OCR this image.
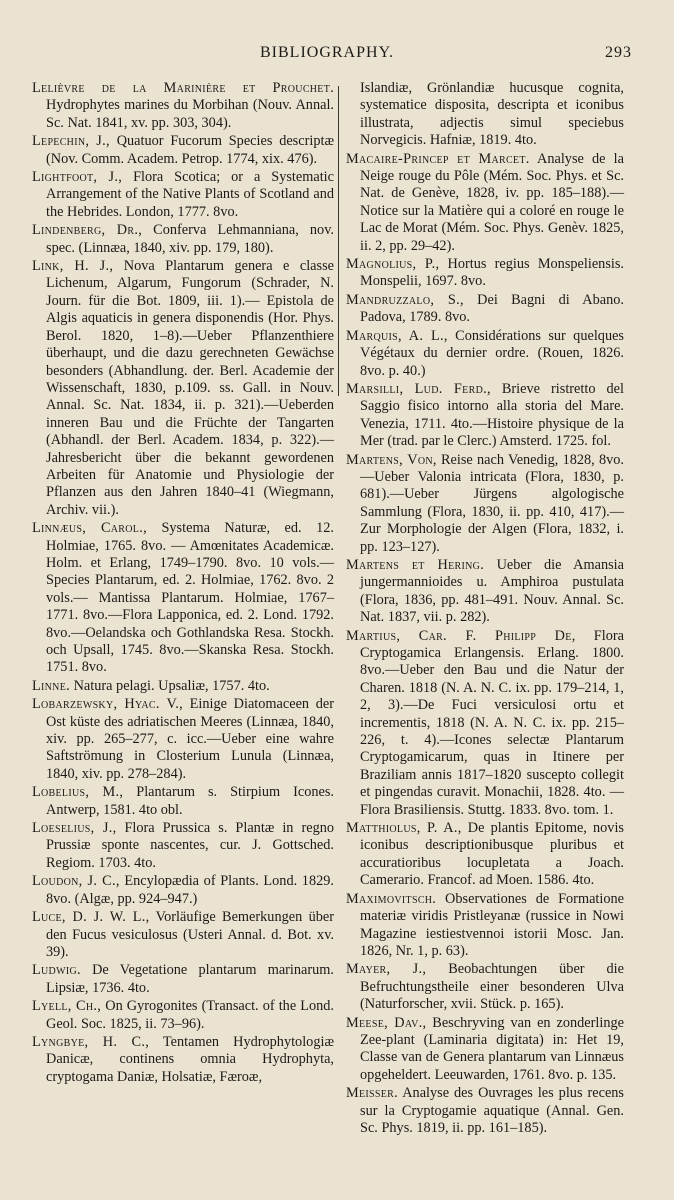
BIBLIOGRAPHY.	293

Lelièvre de la Marinière et Prouchet. Hydrophytes marines du Morbihan (Nouv. Annal. Sc. Nat. 1841, xv. pp. 303, 304).

Lepechin, J., Quatuor Fucorum Species descriptæ (Nov. Comm. Academ. Petrop. 1774, xix. 476).

Lightfoot, J., Flora Scotica; or a Systematic Arrangement of the Native Plants of Scotland and the Hebrides. London, 1777. 8vo.

Lindenberg, Dr., Conferva Lehmanniana, nov. spec. (Linnæa, 1840, xiv. pp. 179, 180).

Link, H. J., Nova Plantarum genera e classe Lichenum, Algarum, Fungorum (Schrader, N. Journ. für die Bot. 1809, iii. 1).— Epistola de Algis aquaticis in genera disponendis (Hor. Phys. Berol. 1820, 1–8).—Ueber Pflanzenthiere überhaupt, und die dazu gerechneten Gewächse besonders (Abhandlung. der. Berl. Academie der Wissenschaft, 1830, p.109. ss. Gall. in Nouv. Annal. Sc. Nat. 1834, ii. p. 321).—Ueberden inneren Bau und die Früchte der Tangarten (Abhandl. der Berl. Academ. 1834, p. 322).—Jahresbericht über die bekannt gewordenen Arbeiten für Anatomie und Physiologie der Pflanzen aus den Jahren 1840–41 (Wiegmann, Archiv. vii.).

Linnæus, Carol., Systema Naturæ, ed. 12. Holmiae, 1765. 8vo. — Amœnitates Academicæ. Holm. et Erlang, 1749–1790. 8vo. 10 vols.—Species Plantarum, ed. 2. Holmiae, 1762. 8vo. 2 vols.— Mantissa Plantarum. Holmiae, 1767–1771. 8vo.—Flora Lapponica, ed. 2. Lond. 1792. 8vo.—Oelandska och Gothlandska Resa. Stockh. och Upsall, 1745. 8vo.—Skanska Resa. Stockh. 1751. 8vo.

Linne. Natura pelagi. Upsaliæ, 1757. 4to.

Lobarzewsky, Hyac. V., Einige Diatomaceen der Ost küste des adriatischen Meeres (Linnæa, 1840, xiv. pp. 265–277, c. icc.—Ueber eine wahre Saftströmung in Closterium Lunula (Linnæa, 1840, xiv. pp. 278–284).

Lobelius, M., Plantarum s. Stirpium Icones. Antwerp, 1581. 4to obl.

Loeselius, J., Flora Prussica s. Plantæ in regno Prussiæ sponte nascentes, cur. J. Gottsched. Regiom. 1703. 4to.

Loudon, J. C., Encylopædia of Plants. Lond. 1829. 8vo. (Algæ, pp. 924–947.)

Luce, D. J. W. L., Vorläufige Bemerkungen über den Fucus vesiculosus (Usteri Annal. d. Bot. xv. 39).

Ludwig. De Vegetatione plantarum marinarum. Lipsiæ, 1736. 4to.

Lyell, Ch., On Gyrogonites (Transact. of the Lond. Geol. Soc. 1825, ii. 73–96).

Lyngbye, H. C., Tentamen Hydrophytologiæ Danicæ, continens omnia Hydrophyta, cryptogama Daniæ, Holsatiæ, Færoæ,

Islandiæ, Grönlandiæ hucusque cognita, systematice disposita, descripta et iconibus illustrata, adjectis simul speciebus Norvegicis. Hafniæ, 1819. 4to.

Macaire-Princep et Marcet. Analyse de la Neige rouge du Pôle (Mém. Soc. Phys. et Sc. Nat. de Genève, 1828, iv. pp. 185–188).—Notice sur la Matière qui a coloré en rouge le Lac de Morat (Mém. Soc. Phys. Genèv. 1825, ii. 2, pp. 29–42).

Magnolius, P., Hortus regius Monspeliensis. Monspelii, 1697. 8vo.

Mandruzzalo, S., Dei Bagni di Abano. Padova, 1789. 8vo.

Marquis, A. L., Considérations sur quelques Végétaux du dernier ordre. (Rouen, 1826. 8vo. p. 40.)

Marsilli, Lud. Ferd., Brieve ristretto del Saggio fisico intorno alla storia del Mare. Venezia, 1711. 4to.—Histoire physique de la Mer (trad. par le Clerc.) Amsterd. 1725. fol.

Martens, Von, Reise nach Venedig, 1828, 8vo.—Ueber Valonia intricata (Flora, 1830, p. 681).—Ueber Jürgens algologische Sammlung (Flora, 1830, ii. pp. 410, 417).—Zur Morphologie der Algen (Flora, 1832, i. pp. 123–127).

Martens et Hering. Ueber die Amansia jungermannioides u. Amphiroa pustulata (Flora, 1836, pp. 481–491. Nouv. Annal. Sc. Nat. 1837, vii. p. 282).

Martius, Car. F. Philipp De, Flora Cryptogamica Erlangensis. Erlang. 1800. 8vo.—Ueber den Bau und die Natur der Charen. 1818 (N. A. N. C. ix. pp. 179–214, 1, 2, 3).—De Fuci versiculosi ortu et incrementis, 1818 (N. A. N. C. ix. pp. 215–226, t. 4).—Icones selectæ Plantarum Cryptogamicarum, quas in Itinere per Braziliam annis 1817–1820 suscepto collegit et pingendas curavit. Monachii, 1828. 4to. — Flora Brasiliensis. Stuttg. 1833. 8vo. tom. 1.

Matthiolus, P. A., De plantis Epitome, novis iconibus descriptionibusque pluribus et accuratioribus locupletata a Joach. Camerario. Francof. ad Moen. 1586. 4to.

Maximovitsch. Observationes de Formatione materiæ viridis Pristleyanæ (russice in Nowi Magazine iestiestvennoi istorii Mosc. Jan. 1826, Nr. 1, p. 63).

Mayer, J., Beobachtungen über die Befruchtungstheile einer besonderen Ulva (Naturforscher, xvii. Stück. p. 165).

Meese, Dav., Beschryving van en zonderlinge Zee-plant (Laminaria digitata) in: Het 19, Classe van de Genera plantarum van Linnæus opgeheldert. Leeuwarden, 1761. 8vo. p. 135.

Meisser. Analyse des Ouvrages les plus recens sur la Cryptogamie aquatique (Annal. Gen. Sc. Phys. 1819, ii. pp. 161–185).
